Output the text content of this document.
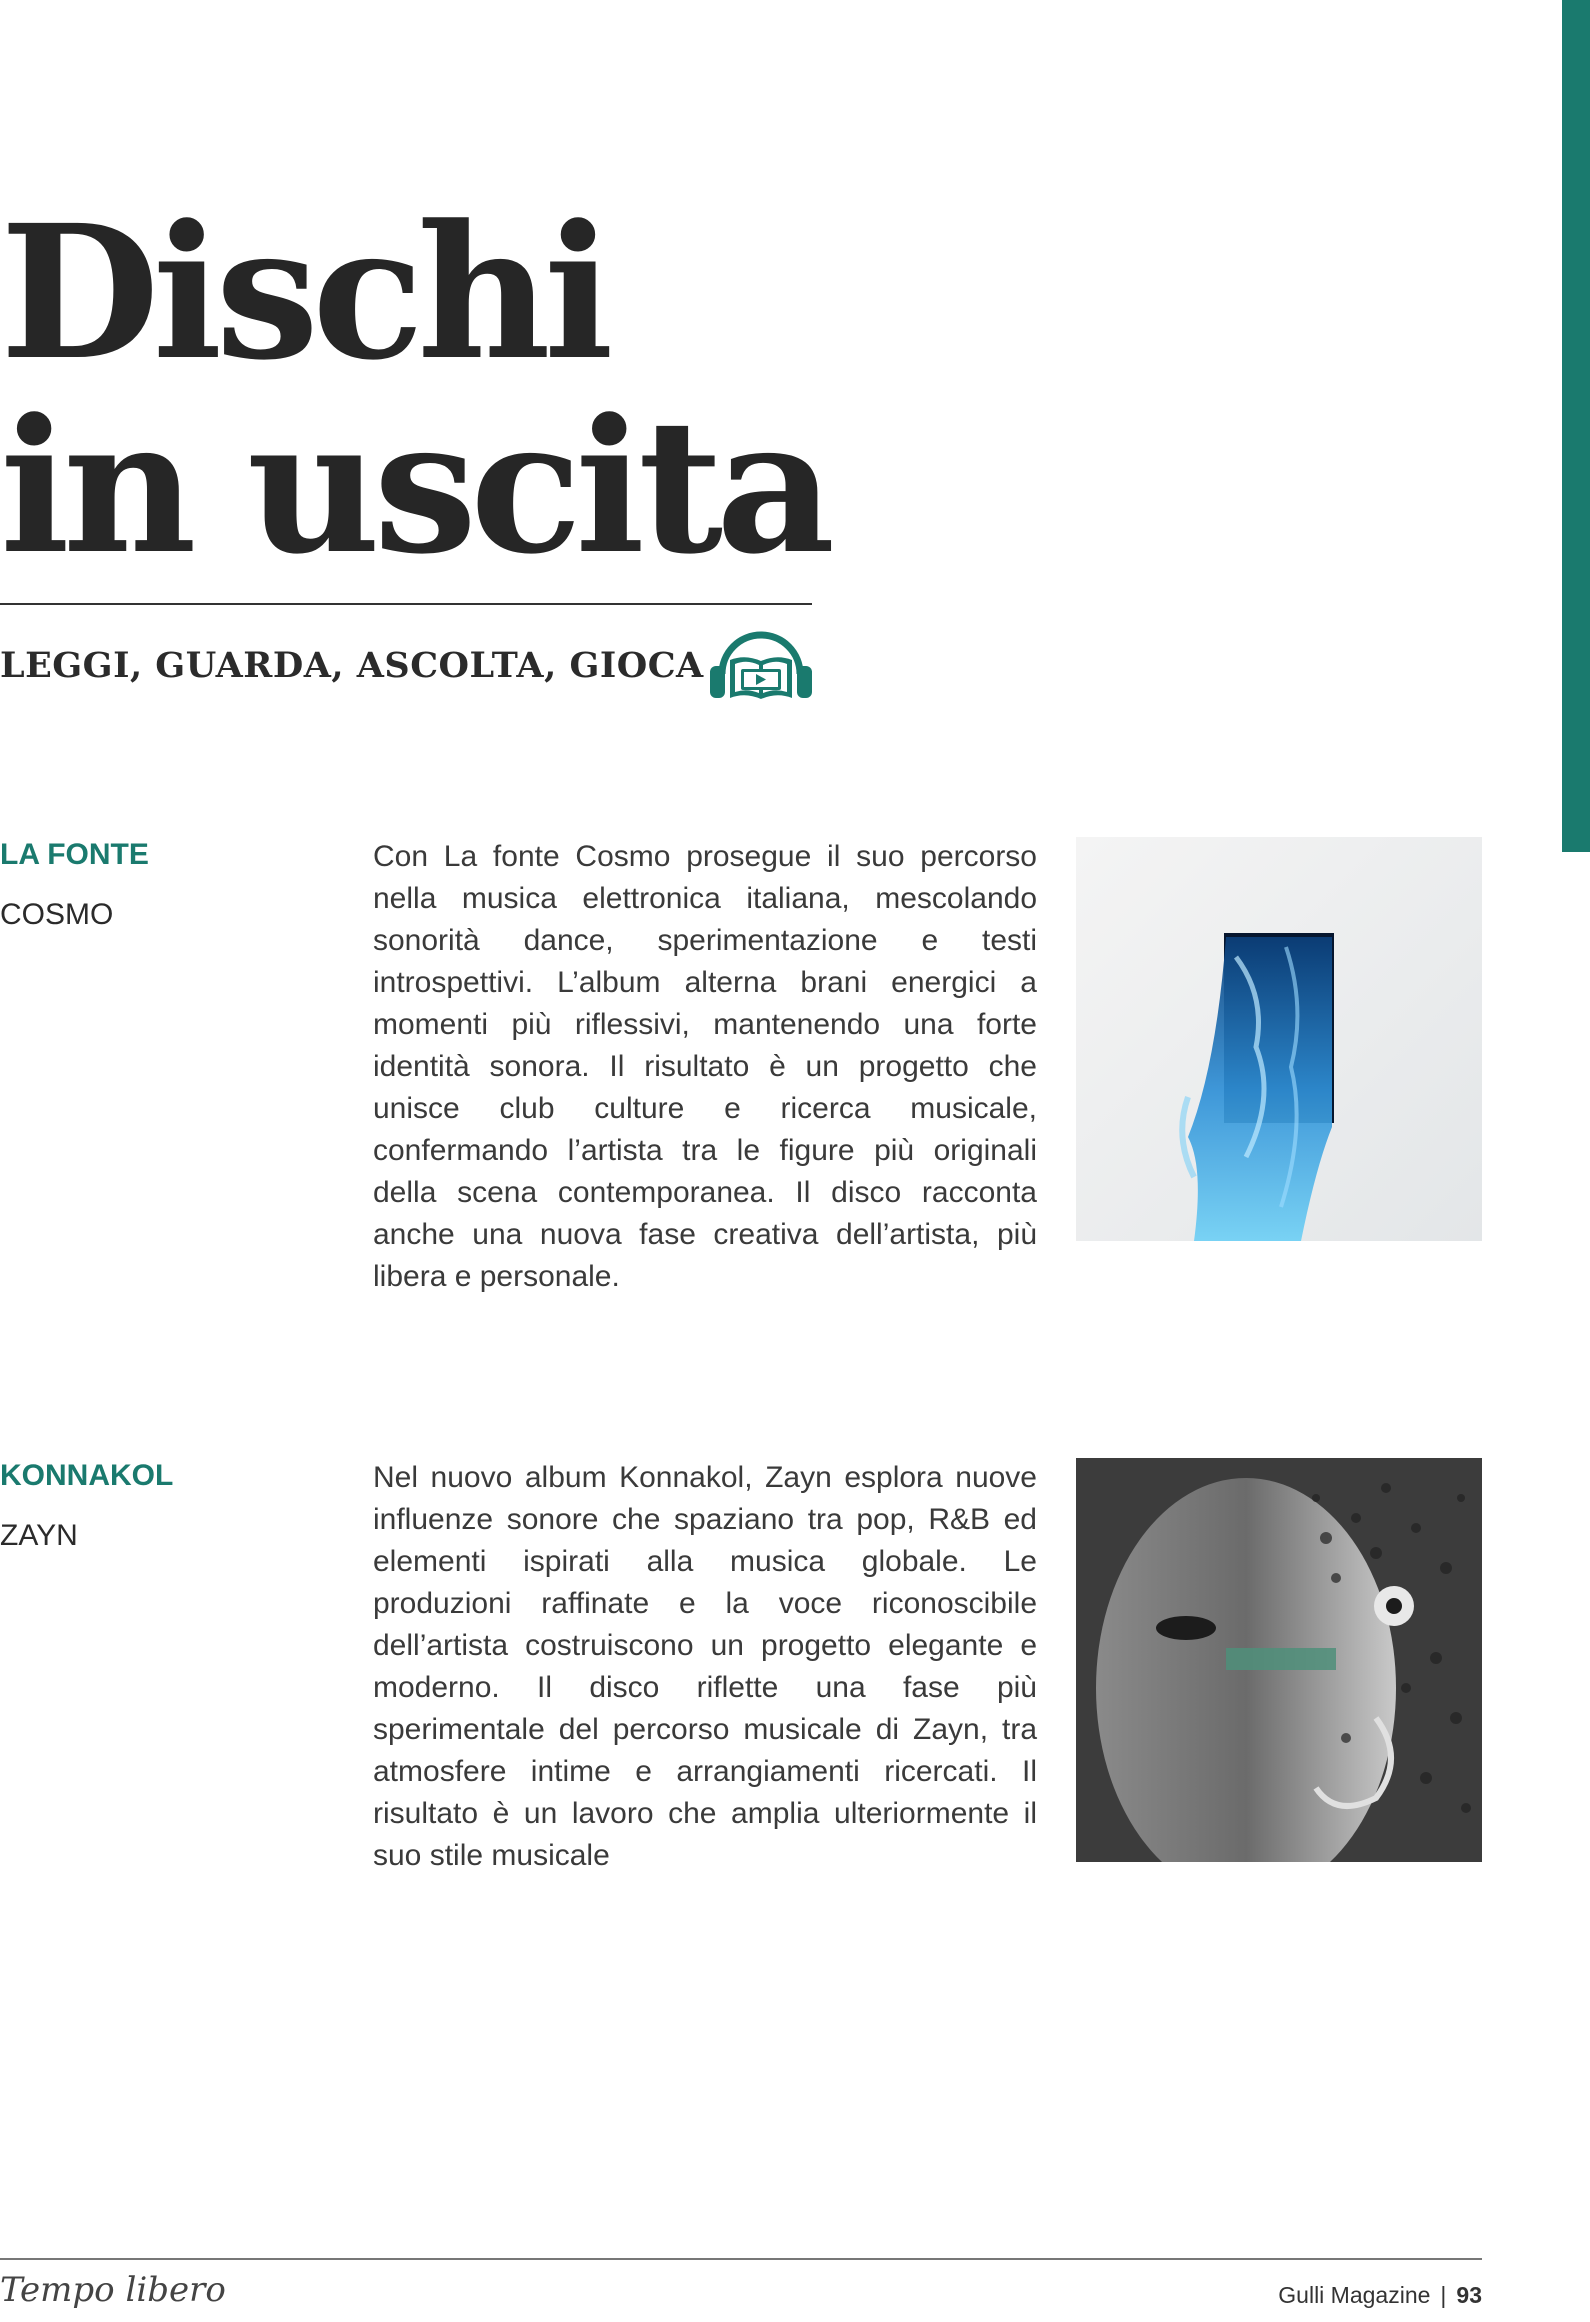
Dischi
in uscita
LEGGI, GUARDA, ASCOLTA, GIOCA
LA FONTE
COSMO

Con La fonte Cosmo prosegue il suo percorso nella musica elettronica italiana, mescolando sonorità dance, sperimentazione e testi introspettivi. L’album alterna brani energici a momenti più riflessivi, mantenendo una forte identità sonora. Il risultato è un progetto che unisce club culture e ricerca musicale, confermando l’artista tra le figure più originali della scena contemporanea. Il disco racconta anche una nuova fase creativa dell’artista, più libera e personale.

KONNAKOL
ZAYN

Nel nuovo album Konnakol, Zayn esplora nuove influenze sonore che spaziano tra pop, R&B ed elementi ispirati alla musica globale. Le produzioni raffinate e la voce riconoscibile dell’artista costruiscono un progetto elegante e moderno. Il disco riflette una fase più sperimentale del percorso musicale di Zayn, tra atmosfere intime e arrangiamenti ricercati. Il risultato è un lavoro che amplia ulteriormente il suo stile musicale

Tempo libero	Gulli Magazine | 93
